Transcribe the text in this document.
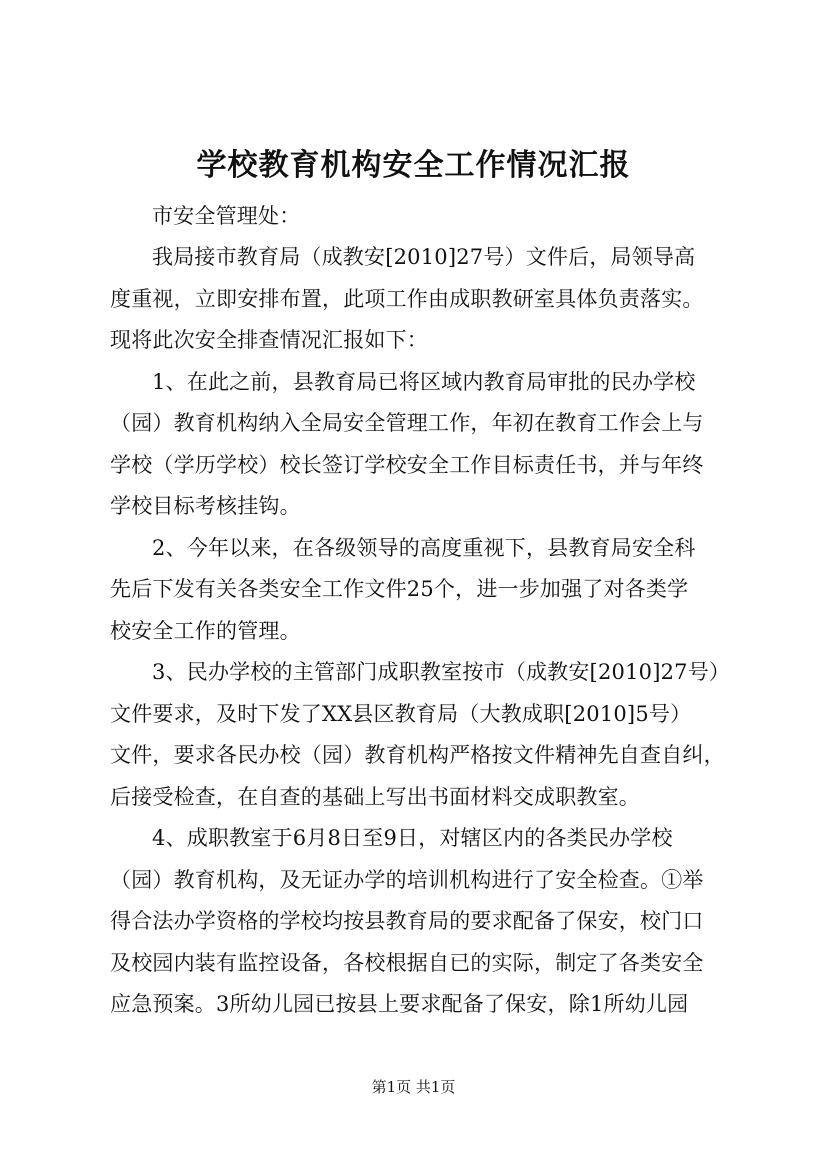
学校教育机构安全工作情况汇报
市安全管理处：
我局接市教育局（成教安[2010]27号）文件后，局领导高
度重视，立即安排布置，此项工作由成职教研室具体负责落实。
现将此次安全排查情况汇报如下：
1、在此之前，县教育局已将区域内教育局审批的民办学校
（园）教育机构纳入全局安全管理工作，年初在教育工作会上与
学校（学历学校）校长签订学校安全工作目标责任书，并与年终
学校目标考核挂钩。
2、今年以来，在各级领导的高度重视下，县教育局安全科
先后下发有关各类安全工作文件25个，进一步加强了对各类学
校安全工作的管理。
3、民办学校的主管部门成职教室按市（成教安[2010]27号）
文件要求，及时下发了XX县区教育局（大教成职[2010]5号）
文件，要求各民办校（园）教育机构严格按文件精神先自查自纠，
后接受检查，在自查的基础上写出书面材料交成职教室。
4、成职教室于6月8日至9日，对辖区内的各类民办学校
（园）教育机构，及无证办学的培训机构进行了安全检查。①举
得合法办学资格的学校均按县教育局的要求配备了保安，校门口
及校园内装有监控设备，各校根据自已的实际，制定了各类安全
应急预案。3所幼儿园已按县上要求配备了保安，除1所幼儿园
第1页 共1页
